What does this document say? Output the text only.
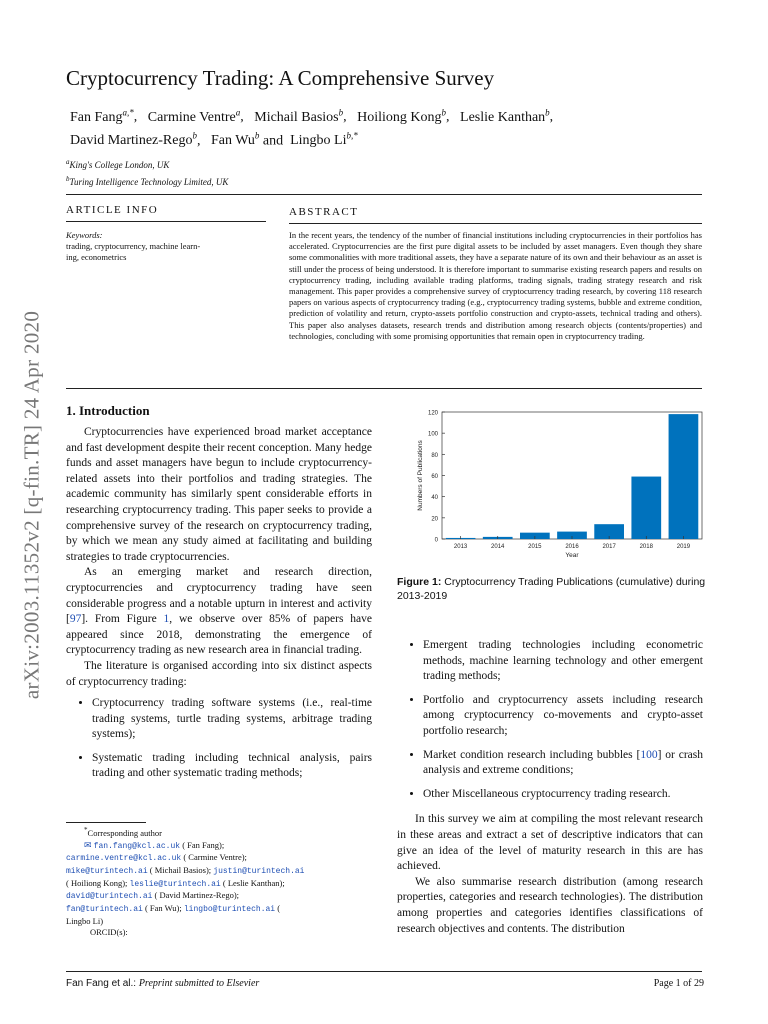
arXiv:2003.11352v2 [q-fin.TR] 24 Apr 2020
Cryptocurrency Trading: A Comprehensive Survey
Fan Fang$^{a,*}$,   Carmine Ventre$^a$,   Michail Basios$^b$,   Hoiliong Kong$^b$,   Leslie Kanthan$^b$,
David Martinez-Rego$^b$,   Fan Wu$^b$ and Lingbo $Li^{b,*}$
$^a$King's College London, UK
$^b$Turing Intelligence Technology Limited, UK
ARTICLE INFO	ABSTRACT
Keywords:
trading, cryptocurrency, machine learn-
ing, econometrics
In the recent years, the tendency of the number of financial institutions including cryptocurrencies in their portfolios has accelerated. Cryptocurrencies are the first pure digital assets to be included by asset managers. Even though they share some commonalities with more traditional assets, they have a separate nature of its own and their behaviour as an asset is still under the process of being understood. It is therefore important to summarise existing research papers and results on cryptocurrency trading, including available trading platforms, trading signals, trading strategy research and risk management. This paper provides a comprehensive survey of cryptocurrency trading research, by covering 118 research papers on various aspects of cryptocurrency trading (e.g., cryptocurrency trading systems, bubble and extreme condition, prediction of volatility and return, crypto-assets portfolio construction and crypto-assets, technical trading and others). This paper also analyses datasets, research trends and distribution among research objects (contents/properties) and technologies, concluding with some promising opportunities that remain open in cryptocurrency trading.
1. Introduction

Cryptocurrencies have experienced broad market acceptance and fast development despite their recent conception. Many hedge funds and asset managers have begun to include cryptocurrency-related assets into their portfolios and trading strategies. The academic community has similarly spent considerable efforts in researching cryptocurrency trading. This paper seeks to provide a comprehensive survey of the research on cryptocurrency trading, by which we mean any study aimed at facilitating and building strategies to trade cryptocurrencies.

As an emerging market and research direction, cryptocurrencies and cryptocurrency trading have seen considerable progress and a notable upturn in interest and activity [97]. From Figure 1, we observe over 85% of papers have appeared since 2018, demonstrating the emergence of cryptocurrency trading as new research area in financial trading.

The literature is organised according into six distinct aspects of cryptocurrency trading:

• Cryptocurrency trading software systems (i.e., real-time trading systems, turtle trading systems, arbitrage trading systems);
• Systematic trading including technical analysis, pairs trading and other systematic trading methods;
0
20
40
60
80
100
120
2013	2014	2015	2016	2017	2018	2019
Year
Numbers of Publications
Figure 1: Cryptocurrency Trading Publications (cumulative) during 2013-2019
• Emergent trading technologies including econometric methods, machine learning technology and other emergent trading methods;
• Portfolio and cryptocurrency assets including research among cryptocurrency co-movements and crypto-asset portfolio research;
• Market condition research including bubbles [100] or crash analysis and extreme conditions;
• Other Miscellaneous cryptocurrency trading research.

In this survey we aim at compiling the most relevant research in these areas and extract a set of descriptive indicators that can give an idea of the level of maturity research in this are has achieved.

We also summarise research distribution (among research properties, categories and research technologies). The distribution among properties and categories identifies classifications of research objectives and contents. The distribution

*Corresponding author
✉ fan.fang@kcl.ac.uk ( Fan Fang);
carmine.ventre@kcl.ac.uk ( Carmine Ventre);
mike@turintech.ai ( Michail Basios); justin@turintech.ai
( Hoiliong Kong); leslie@turintech.ai ( Leslie Kanthan);
david@turintech.ai ( David Martinez-Rego);
fan@turintech.ai ( Fan Wu); lingbo@turintech.ai (
Lingbo Li)
ORCID(s):
Fan Fang et al.: Preprint submitted to Elsevier	Page 1 of 29
